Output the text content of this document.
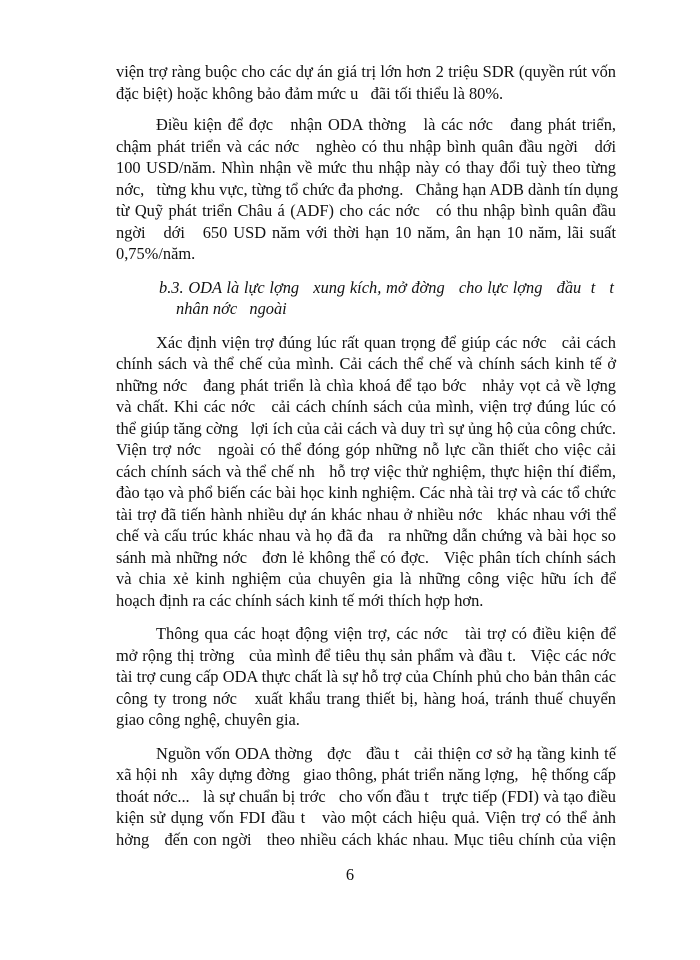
viện trợ ràng buộc cho các dự án giá trị lớn hơn 2 triệu SDR (quyền rút vốn
đặc biệt) hoặc không bảo đảm mức u   đãi tối thiểu là 80%.
Điều kiện để đợc   nhận ODA thờng   là các nớc   đang phát triển,
chậm phát triển và các nớc   nghèo có thu nhập bình quân đầu ngời   dới
100 USD/năm. Nhìn nhận về mức thu nhập này có thay đổi tuỳ theo từng
nớc,   từng khu vực, từng tổ chức đa phơng.   Chẳng hạn ADB dành tín dụng
từ Quỹ phát triển Châu á (ADF) cho các nớc   có thu nhập bình quân đầu
ngời   dới   650 USD năm với thời hạn 10 năm, ân hạn 10 năm, lãi suất
0,75%/năm.
b.3. ODA là lực lợng   xung kích, mở đờng   cho lực lợng   đầu  t   t
nhân nớc   ngoài
Xác định viện trợ đúng lúc rất quan trọng để giúp các nớc   cải cách
chính sách và thể chế của mình. Cải cách thể chế và chính sách kinh tế ở
những nớc   đang phát triển là chìa khoá để tạo bớc   nhảy vọt cả về lợng
và chất. Khi các nớc   cải cách chính sách của mình, viện trợ đúng lúc có
thể giúp tăng cờng   lợi ích của cải cách và duy trì sự ủng hộ của công chức.
Viện trợ nớc   ngoài có thể đóng góp những nỗ lực cần thiết cho việc cải
cách chính sách và thể chế nh   hỗ trợ việc thử nghiệm, thực hiện thí điểm,
đào tạo và phổ biến các bài học kinh nghiệm. Các nhà tài trợ và các tổ chức
tài trợ đã tiến hành nhiều dự án khác nhau ở nhiều nớc   khác nhau với thể
chế và cấu trúc khác nhau và họ đã đa   ra những dẫn chứng và bài học so
sánh mà những nớc   đơn lẻ không thể có đợc.   Việc phân tích chính sách
và chia xẻ kinh nghiệm của chuyên gia là những công việc hữu ích để
hoạch định ra các chính sách kinh tế mới thích hợp hơn.
6
Thông qua các hoạt động viện trợ, các nớc   tài trợ có điều kiện để
mở rộng thị trờng   của mình để tiêu thụ sản phẩm và đầu t.   Việc các nớc
tài trợ cung cấp ODA thực chất là sự hỗ trợ của Chính phủ cho bản thân các
công ty trong nớc   xuất khẩu trang thiết bị, hàng hoá, tránh thuế chuyển
giao công nghệ, chuyên gia.
Nguồn vốn ODA thờng   đợc   đầu t   cải thiện cơ sở hạ tầng kinh tế
xã hội nh   xây dựng đờng   giao thông, phát triển năng lợng,   hệ thống cấp
thoát nớc...   là sự chuẩn bị trớc   cho vốn đầu t   trực tiếp (FDI) và tạo điều
kiện sử dụng vốn FDI đầu t   vào một cách hiệu quả. Viện trợ có thể ảnh
hởng   đến con ngời   theo nhiều cách khác nhau. Mục tiêu chính của viện
